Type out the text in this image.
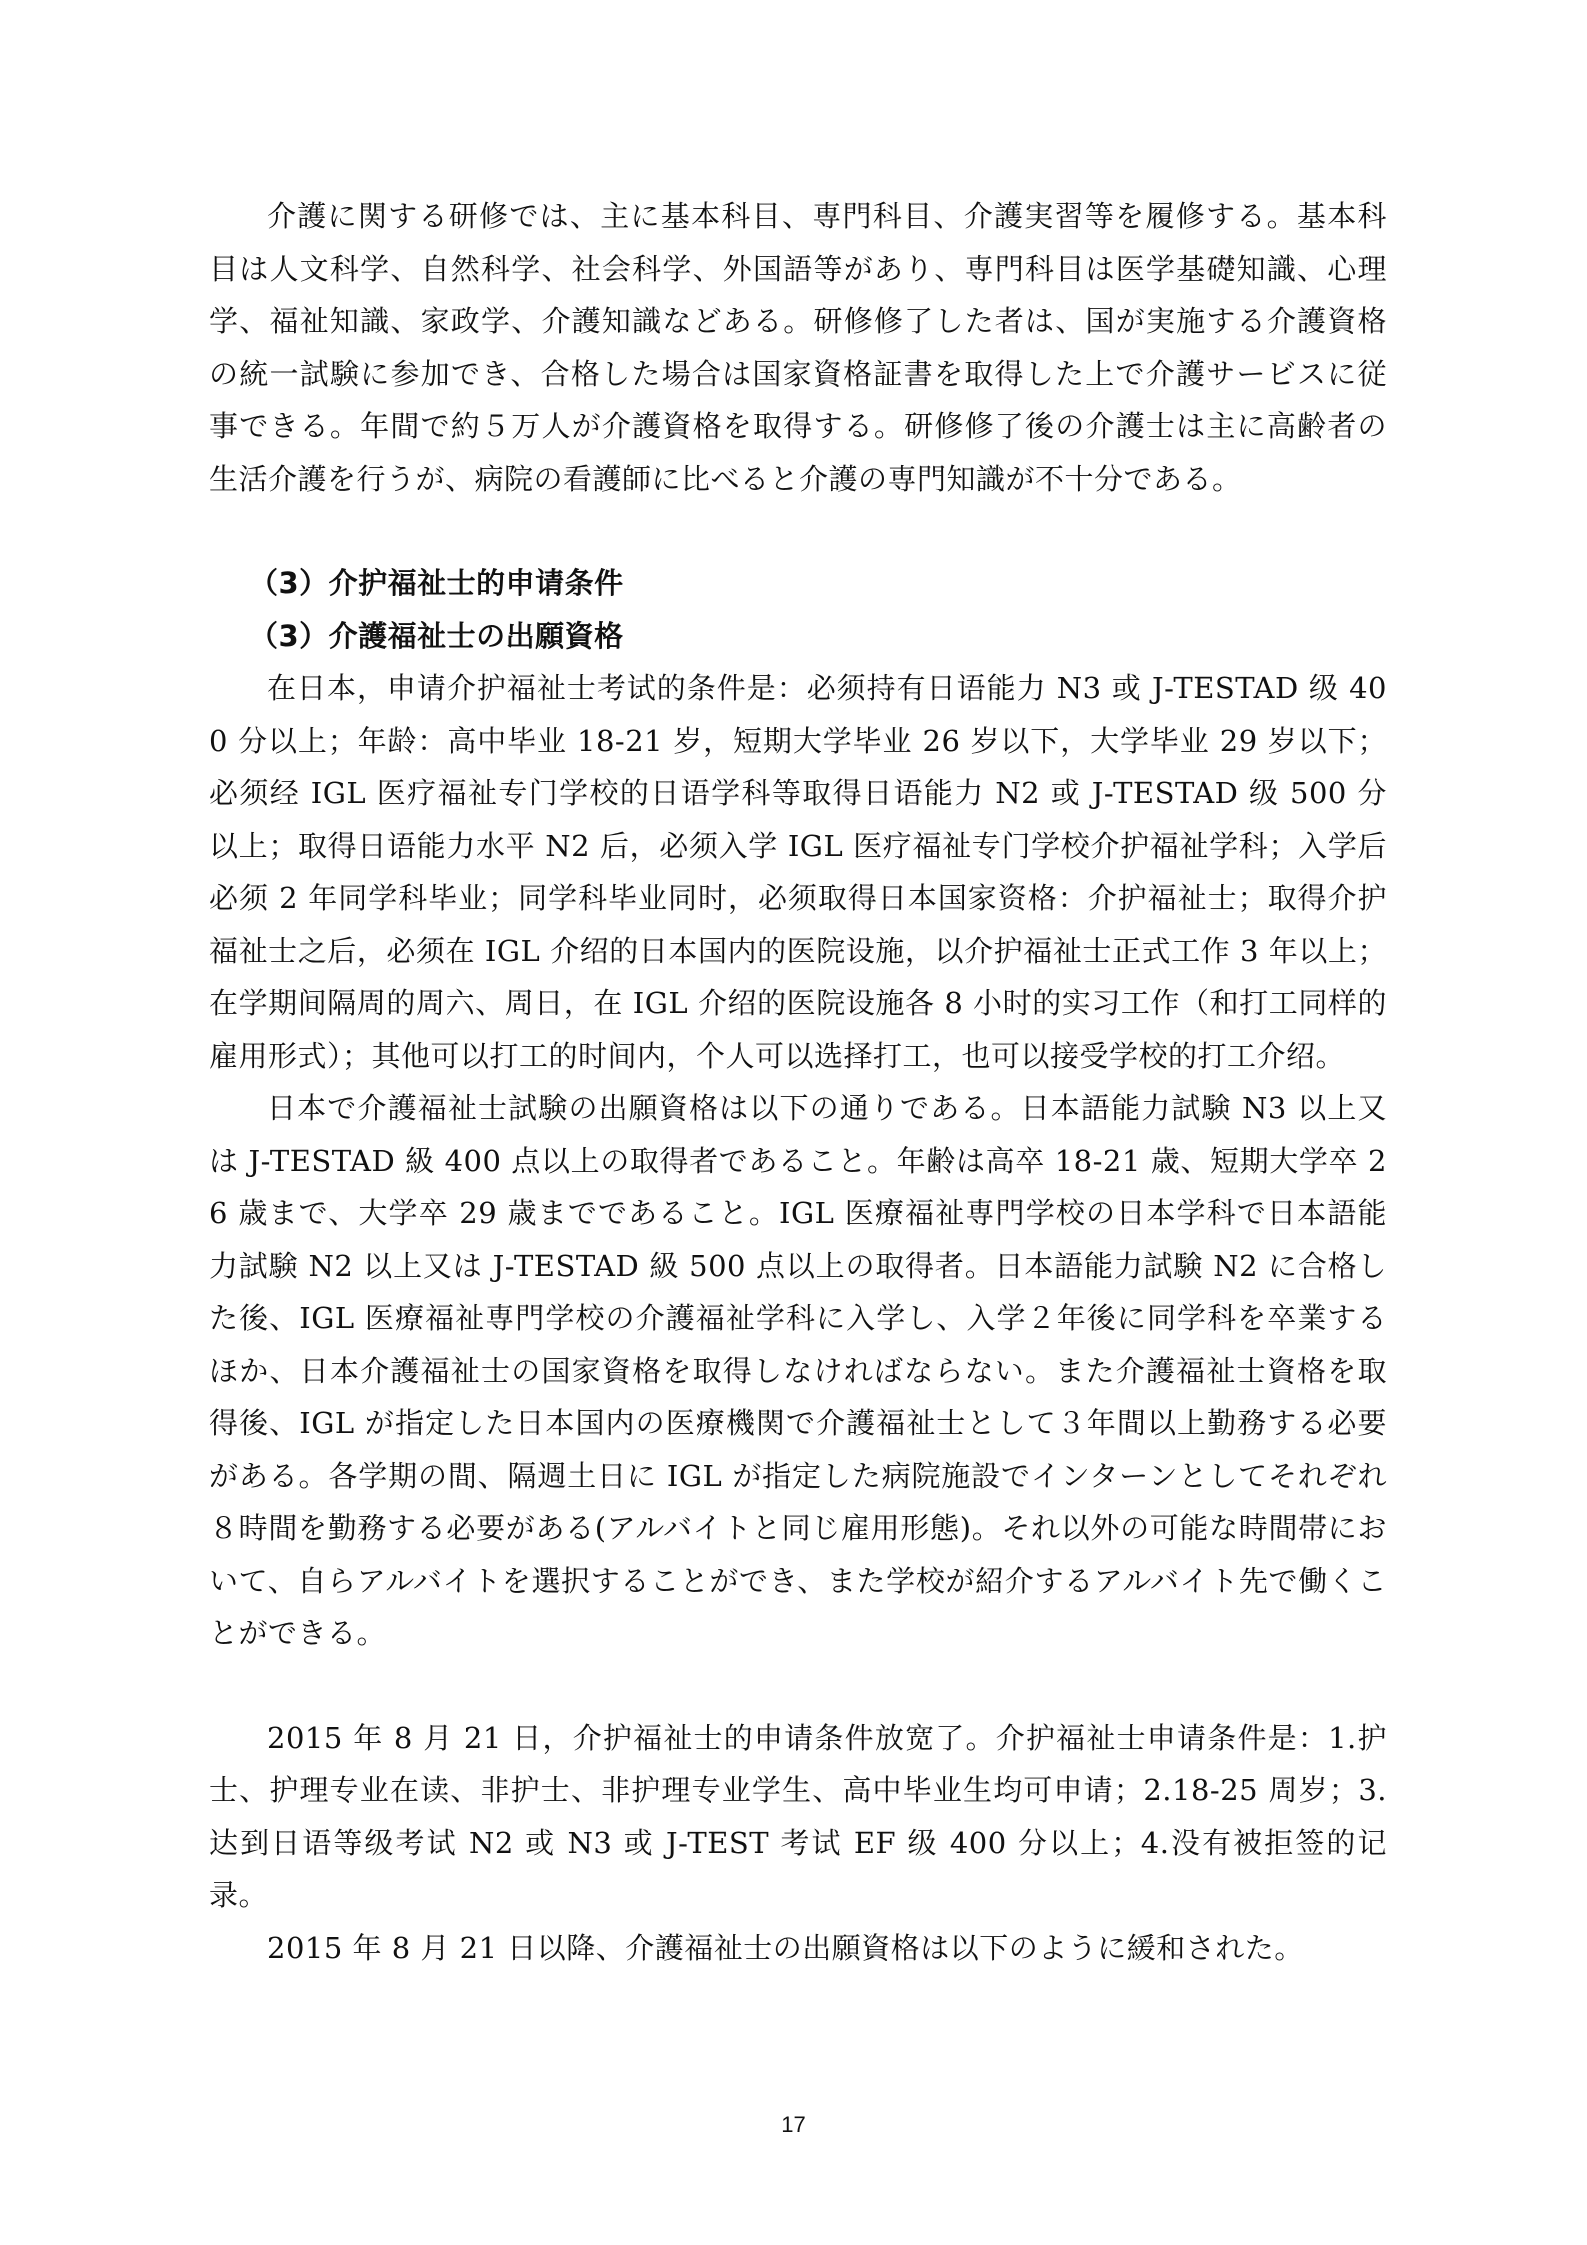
介護に関する研修では、主に基本科目、専門科目、介護実習等を履修する。基本科目は人文科学、自然科学、社会科学、外国語等があり、専門科目は医学基礎知識、心理学、福祉知識、家政学、介護知識などある。研修修了した者は、国が実施する介護資格の統一試験に参加でき、合格した場合は国家資格証書を取得した上で介護サービスに従事できる。年間で約５万人が介護資格を取得する。研修修了後の介護士は主に高齢者の生活介護を行うが、病院の看護師に比べると介護の専門知識が不十分である。

（3）介护福祉士的申请条件

（3）介護福祉士の出願資格

在日本，申请介护福祉士考试的条件是：必须持有日语能力 N3 或 J-TESTAD 级 400 分以上；年龄：高中毕业 18-21 岁，短期大学毕业 26 岁以下，大学毕业 29 岁以下；必须经 IGL 医疗福祉专门学校的日语学科等取得日语能力 N2 或 J-TESTAD 级 500 分以上；取得日语能力水平 N2 后，必须入学 IGL 医疗福祉专门学校介护福祉学科；入学后必须 2 年同学科毕业；同学科毕业同时，必须取得日本国家资格：介护福祉士；取得介护福祉士之后，必须在 IGL 介绍的日本国内的医院设施，以介护福祉士正式工作 3 年以上；在学期间隔周的周六、周日，在 IGL 介绍的医院设施各 8 小时的实习工作（和打工同样的雇用形式）；其他可以打工的时间内，个人可以选择打工，也可以接受学校的打工介绍。

日本で介護福祉士試験の出願資格は以下の通りである。日本語能力試験 N3 以上又は J-TESTAD 級 400 点以上の取得者であること。年齢は高卒 18-21 歳、短期大学卒 26 歳まで、大学卒 29 歳までであること。IGL 医療福祉専門学校の日本学科で日本語能力試験 N2 以上又は J-TESTAD 級 500 点以上の取得者。日本語能力試験 N2 に合格した後、IGL 医療福祉専門学校の介護福祉学科に入学し、入学２年後に同学科を卒業するほか、日本介護福祉士の国家資格を取得しなければならない。また介護福祉士資格を取得後、IGL が指定した日本国内の医療機関で介護福祉士として３年間以上勤務する必要がある。各学期の間、隔週土日に IGL が指定した病院施設でインターンとしてそれぞれ８時間を勤務する必要がある(アルバイトと同じ雇用形態)。それ以外の可能な時間帯において、自らアルバイトを選択することができ、また学校が紹介するアルバイト先で働くことができる。

2015 年 8 月 21 日，介护福祉士的申请条件放宽了。介护福祉士申请条件是：1.护士、护理专业在读、非护士、非护理专业学生、高中毕业生均可申请；2.18-25 周岁；3.达到日语等级考试 N2 或 N3 或 J-TEST 考试 EF 级 400 分以上；4.没有被拒签的记录。

2015 年 8 月 21 日以降、介護福祉士の出願資格は以下のように緩和された。

17
